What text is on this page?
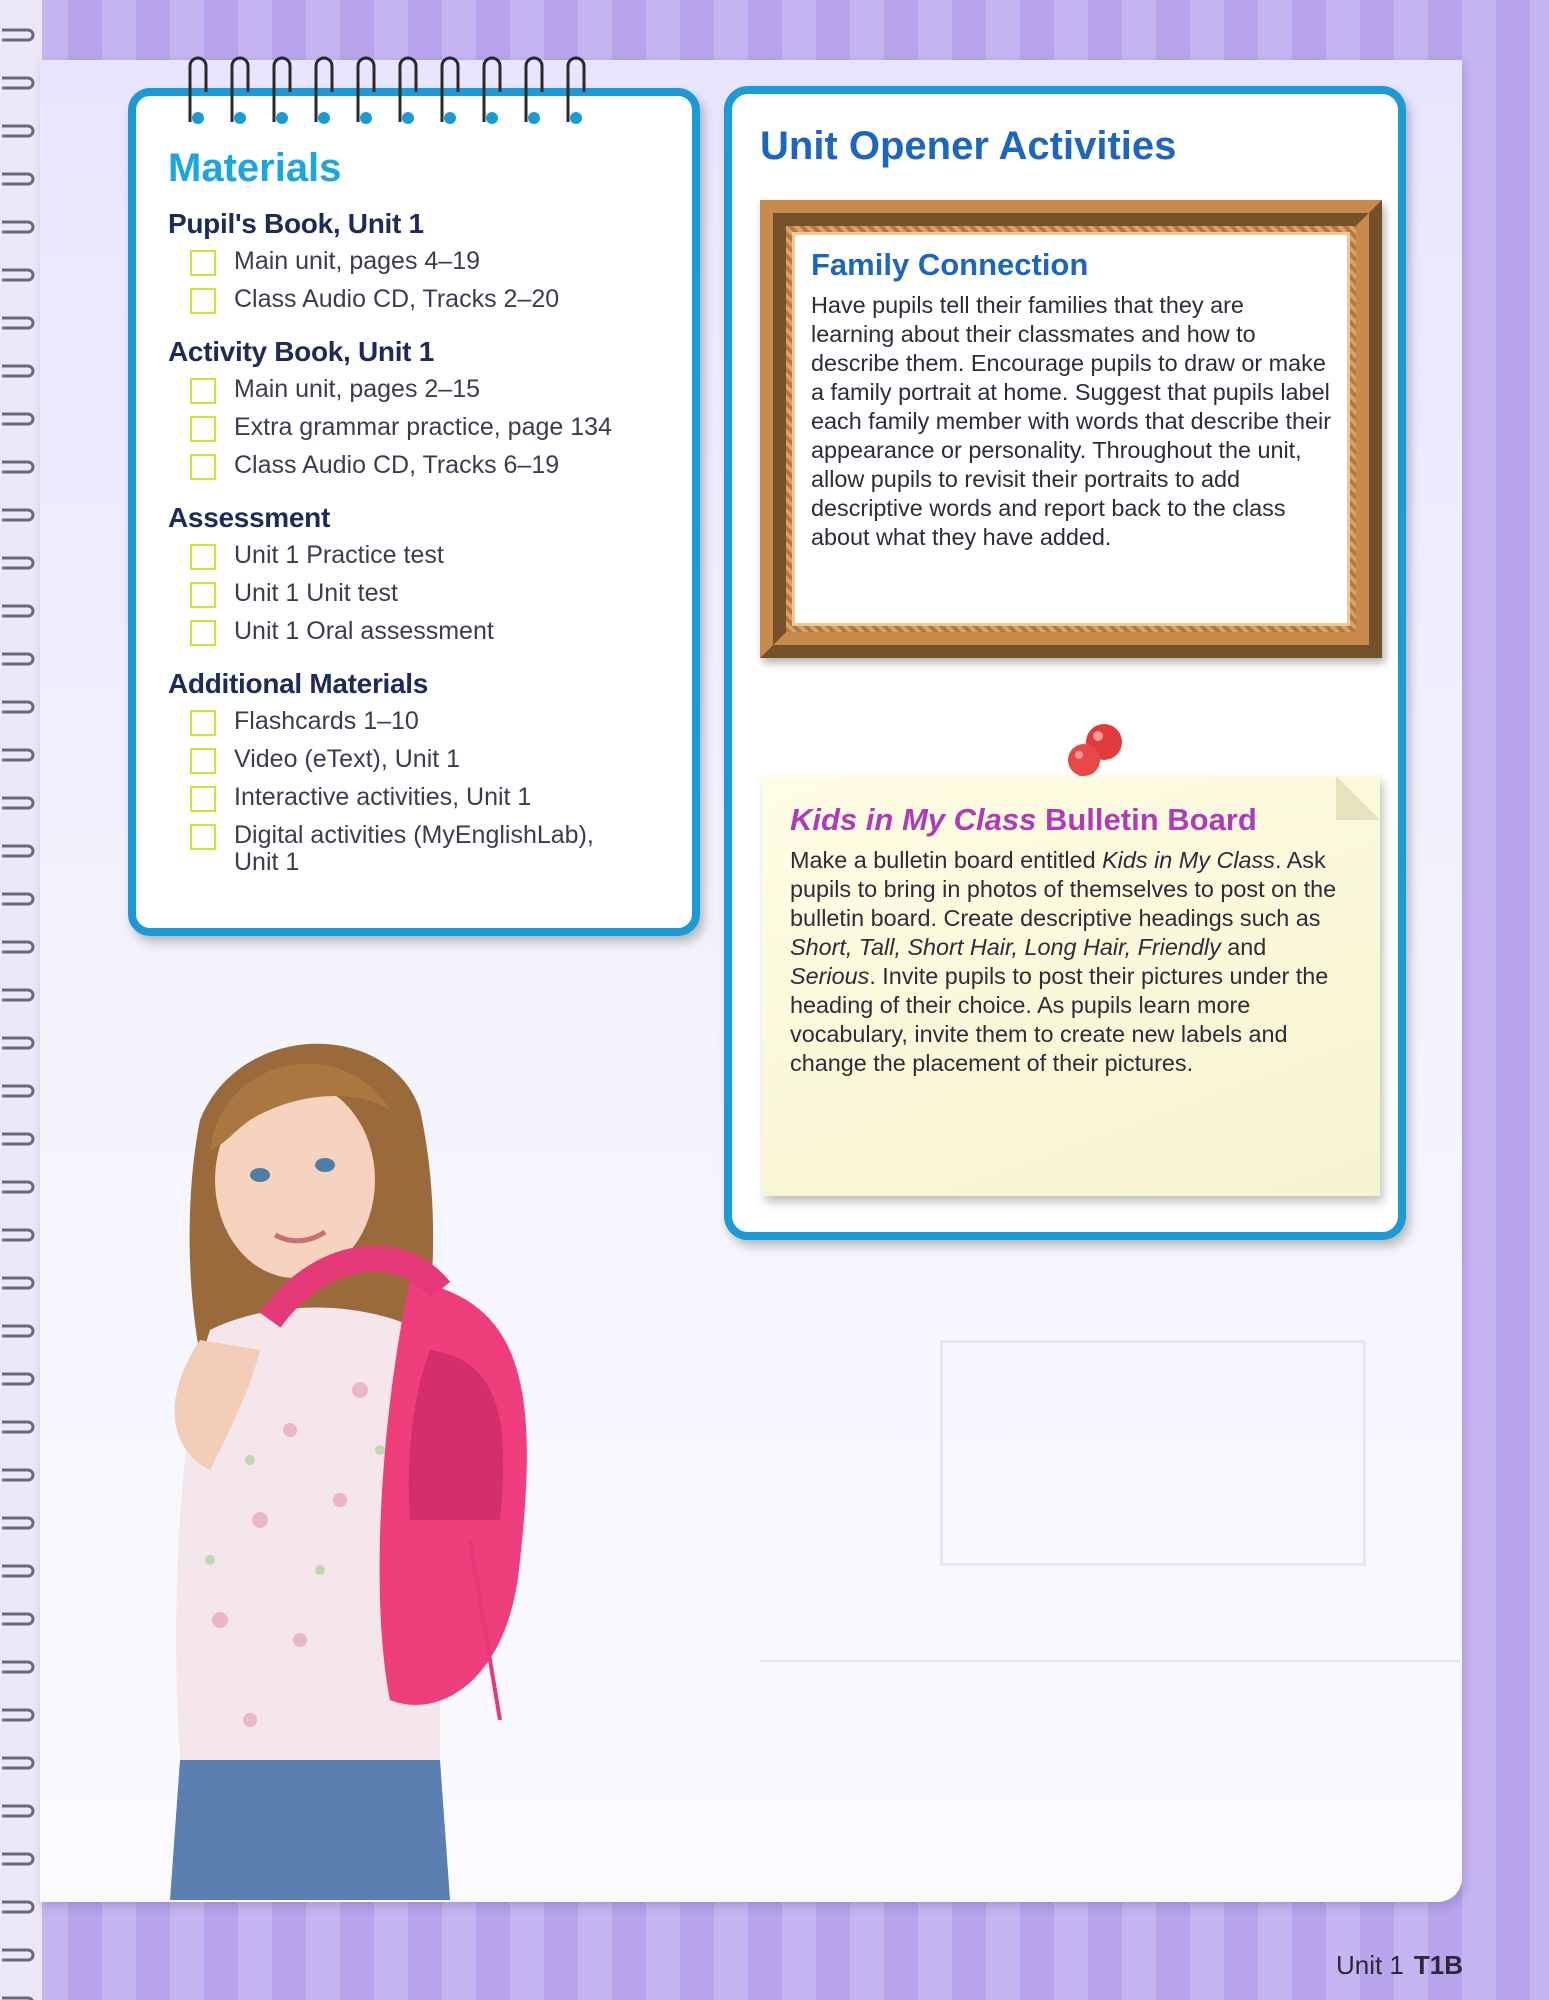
Materials
Pupil's Book, Unit 1
Main unit, pages 4–19
Class Audio CD, Tracks 2–20
Activity Book, Unit 1
Main unit, pages 2–15
Extra grammar practice, page 134
Class Audio CD, Tracks 6–19
Assessment
Unit 1 Practice test
Unit 1 Unit test
Unit 1 Oral assessment
Additional Materials
Flashcards 1–10
Video (eText), Unit 1
Interactive activities, Unit 1
Digital activities (MyEnglishLab), Unit 1
Unit Opener Activities
Family Connection

Have pupils tell their families that they are learning about their classmates and how to describe them. Encourage pupils to draw or make a family portrait at home. Suggest that pupils label each family member with words that describe their appearance or personality. Throughout the unit, allow pupils to revisit their portraits to add descriptive words and report back to the class about what they have added.

Kids in My Class Bulletin Board

Make a bulletin board entitled Kids in My Class. Ask pupils to bring in photos of themselves to post on the bulletin board. Create descriptive headings such as Short, Tall, Short Hair, Long Hair, Friendly and Serious. Invite pupils to post their pictures under the heading of their choice. As pupils learn more vocabulary, invite them to create new labels and change the placement of their pictures.

Unit 1 T1B
